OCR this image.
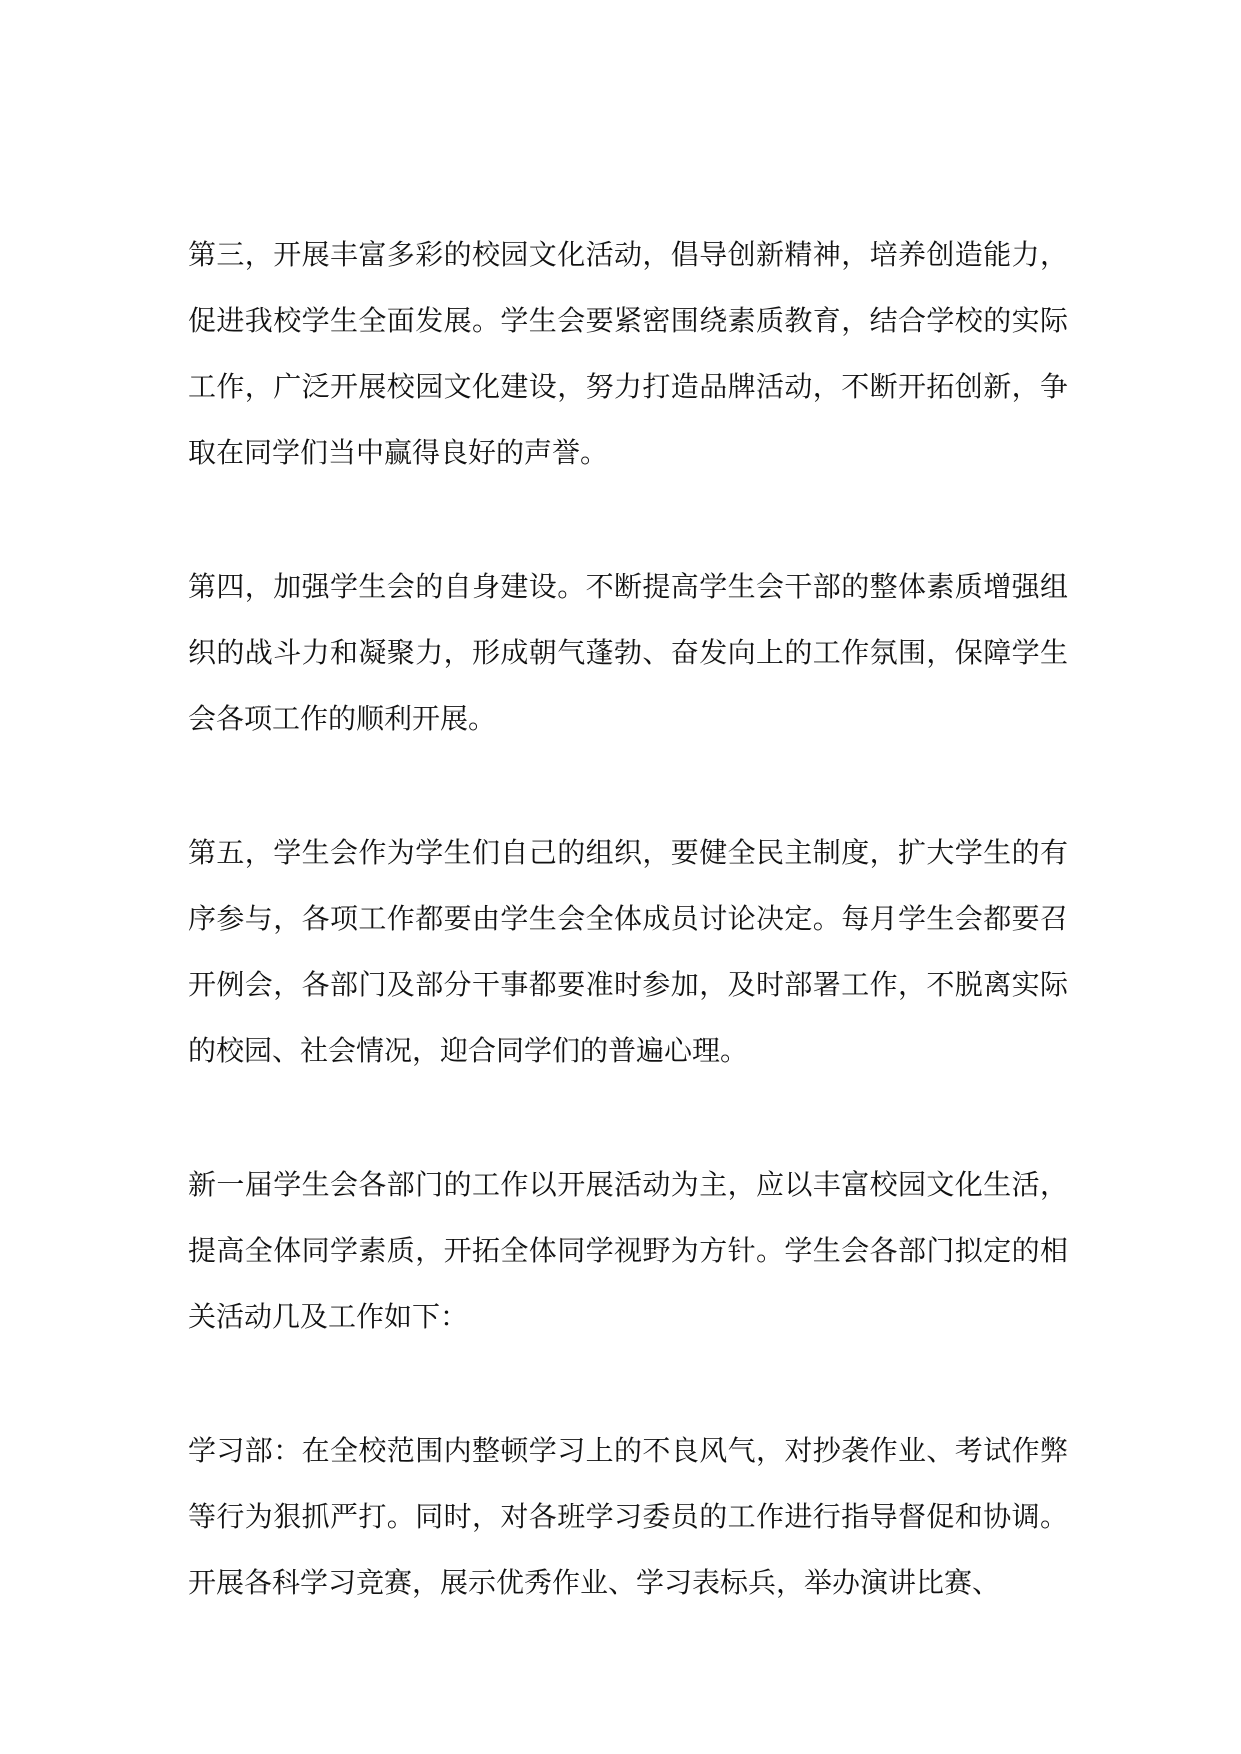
第三，开展丰富多彩的校园文化活动，倡导创新精神，培养创造能力，促进我校学生全面发展。学生会要紧密围绕素质教育，结合学校的实际工作，广泛开展校园文化建设，努力打造品牌活动，不断开拓创新，争取在同学们当中赢得良好的声誉。

第四，加强学生会的自身建设。不断提高学生会干部的整体素质增强组织的战斗力和凝聚力，形成朝气蓬勃、奋发向上的工作氛围，保障学生会各项工作的顺利开展。

第五，学生会作为学生们自己的组织，要健全民主制度，扩大学生的有序参与，各项工作都要由学生会全体成员讨论决定。每月学生会都要召开例会，各部门及部分干事都要准时参加，及时部署工作，不脱离实际的校园、社会情况，迎合同学们的普遍心理。

新一届学生会各部门的工作以开展活动为主，应以丰富校园文化生活，提高全体同学素质，开拓全体同学视野为方针。学生会各部门拟定的相关活动几及工作如下：

学习部：在全校范围内整顿学习上的不良风气，对抄袭作业、考试作弊等行为狠抓严打。同时，对各班学习委员的工作进行指导督促和协调。开展各科学习竞赛，展示优秀作业、学习表标兵，举办演讲比赛、
